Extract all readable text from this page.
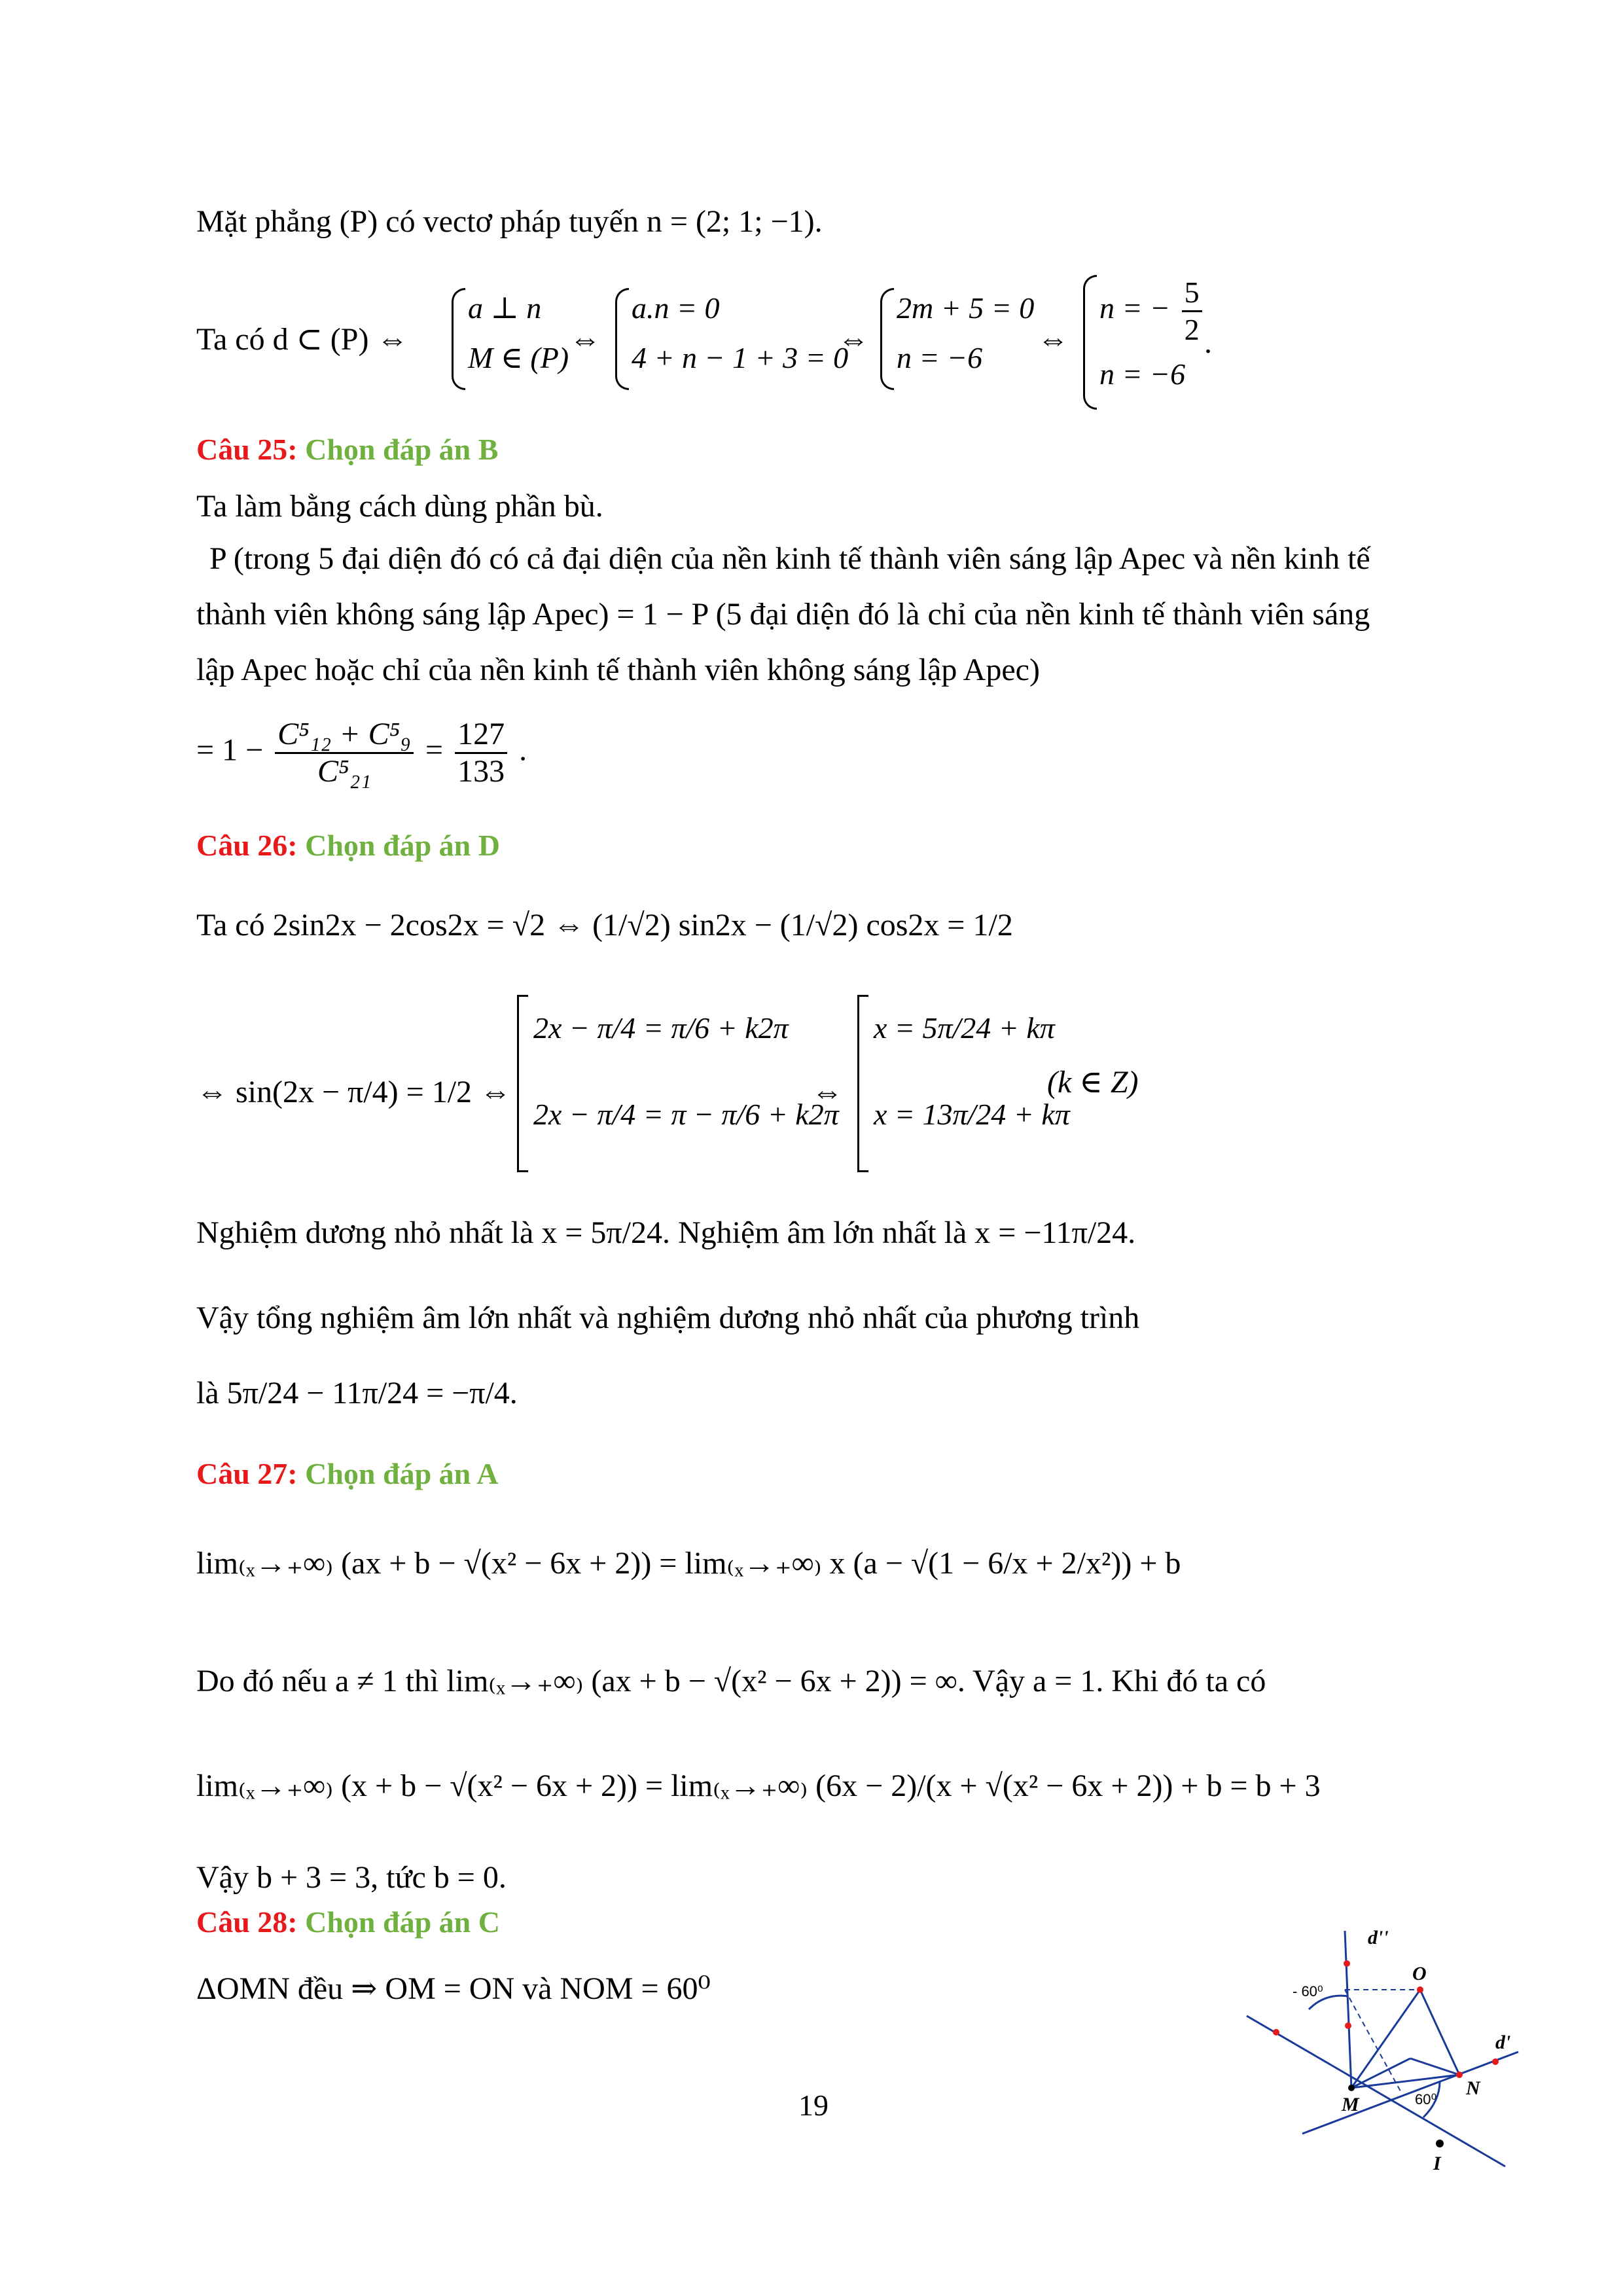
Mặt phẳng (P) có vectơ pháp tuyến n = (2; 1; −1).
Ta có d ⊂ (P) ⇔
a ⊥ n
M ∈ (P)
⇔
a.n = 0
4 + n − 1 + 3 = 0
⇔
2m + 5 = 0
n = −6
⇔
n = − $\frac{5}{2}$
n = −6
.
Câu 25: Chọn đáp án B
Ta làm bằng cách dùng phần bù.
P (trong 5 đại diện đó có cả đại diện của nền kinh tế thành viên sáng lập Apec và nền kinh tế
thành viên không sáng lập Apec) = 1 − P (5 đại diện đó là chỉ của nền kinh tế thành viên sáng
lập Apec hoặc chỉ của nền kinh tế thành viên không sáng lập Apec)
= $1 - \frac{\text{C⁵₁₂ + C⁵₉}}{\text{C⁵₂₁}} = \frac{127}{133}$ .
Câu 26: Chọn đáp án D
Ta có 2sin2x − 2cos2x = √2 ⇔ (1/√2) sin2x − (1/√2) cos2x = 1/2
⇔ sin(2x − π/4) = 1/2 ⇔
2x − π/4 = π/6 + k2π
2x − π/4 = π − π/6 + k2π
⇔
x = 5π/24 + kπ
x = 13π/24 + kπ
(k ∈ Z)
Nghiệm dương nhỏ nhất là x = 5π/24. Nghiệm âm lớn nhất là x = −11π/24.
Vậy tổng nghiệm âm lớn nhất và nghiệm dương nhỏ nhất của phương trình
là 5π/24 − 11π/24 = −π/4.
Câu 27: Chọn đáp án A
lim₍ₓ→₊∞₎ (ax + b − √(x² − 6x + 2)) = lim₍ₓ→₊∞₎ x (a − √(1 − 6/x + 2/x²)) + b
Do đó nếu a ≠ 1 thì lim₍ₓ→₊∞₎ (ax + b − √(x² − 6x + 2)) = ∞. Vậy a = 1. Khi đó ta có
lim₍ₓ→₊∞₎ (x + b − √(x² − 6x + 2)) = lim₍ₓ→₊∞₎ (6x − 2)/(x + √(x² − 6x + 2)) + b = b + 3
Vậy b + 3 = 3, tức b = 0.
Câu 28: Chọn đáp án C
ΔOMN đều ⇒ OM = ON và NOM = 60⁰
d''
O
d'
N
M
I
- 60⁰
60⁰
19
